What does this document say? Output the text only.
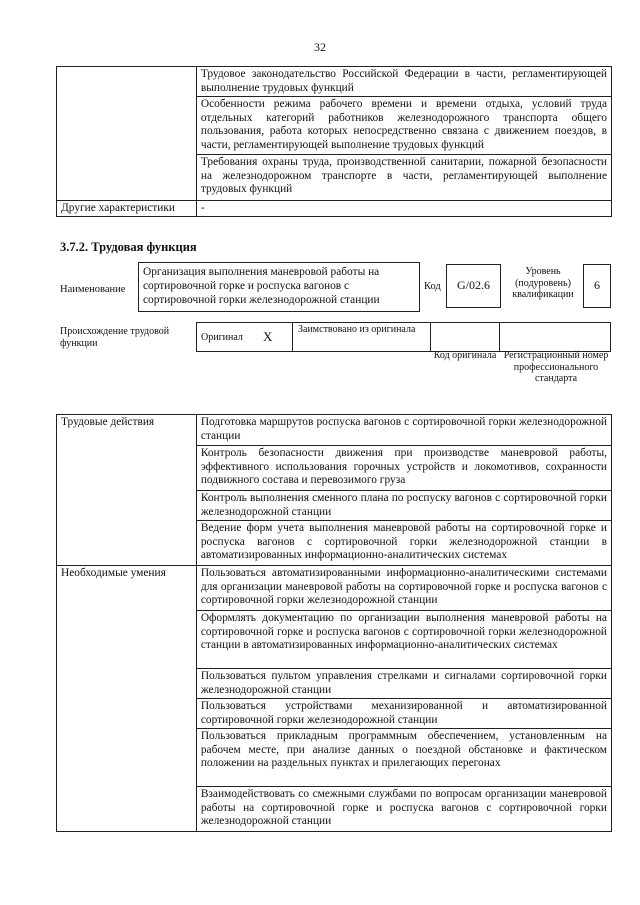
32
	Трудовое законодательство Российской Федерации в части, регламентирующей выполнение трудовых функций
	Особенности режима рабочего времени и времени отдыха, условий труда отдельных категорий работников железнодорожного транспорта общего пользования, работа которых непосредственно связана с движением поездов, в части, регламентирующей выполнение трудовых функций
	Требования охраны труда, производственной санитарии, пожарной безопасности на железнодорожном транспорте в части, регламентирующей выполнение трудовых функций
Другие характеристики	-
3.7.2. Трудовая функция
Наименование
Организация выполнения маневровой работы на сортировочной горке и роспуска вагонов с сортировочной горки железнодорожной станции
Код	G/02.6
Уровень (подуровень) квалификации
6
Происхождение трудовой функции	Оригинал X	Заимствовано из оригинала
Код оригинала Регистрационный номер профессионального стандарта
Трудовые действия	Подготовка маршрутов роспуска вагонов с сортировочной горки железнодорожной станции
	Контроль безопасности движения при производстве маневровой работы, эффективного использования горочных устройств и локомотивов, сохранности подвижного состава и перевозимого груза
	Контроль выполнения сменного плана по роспуску вагонов с сортировочной горки железнодорожной станции
	Ведение форм учета выполнения маневровой работы на сортировочной горке и роспуска вагонов с сортировочной горки железнодорожной станции в автоматизированных информационно-аналитических системах
Необходимые умения	Пользоваться автоматизированными информационно-аналитическими системами для организации маневровой работы на сортировочной горке и роспуска вагонов с сортировочной горки железнодорожной станции
	Оформлять документацию по организации выполнения маневровой работы на сортировочной горке и роспуска вагонов с сортировочной горки железнодорожной станции в автоматизированных информационно-аналитических системах
	Пользоваться пультом управления стрелками и сигналами сортировочной горки железнодорожной станции
	Пользоваться устройствами механизированной и автоматизированной сортировочной горки железнодорожной станции
	Пользоваться прикладным программным обеспечением, установленным на рабочем месте, при анализе данных о поездной обстановке и фактическом положении на раздельных пунктах и прилегающих перегонах
	Взаимодействовать со смежными службами по вопросам организации маневровой работы на сортировочной горке и роспуска вагонов с сортировочной горки железнодорожной станции
